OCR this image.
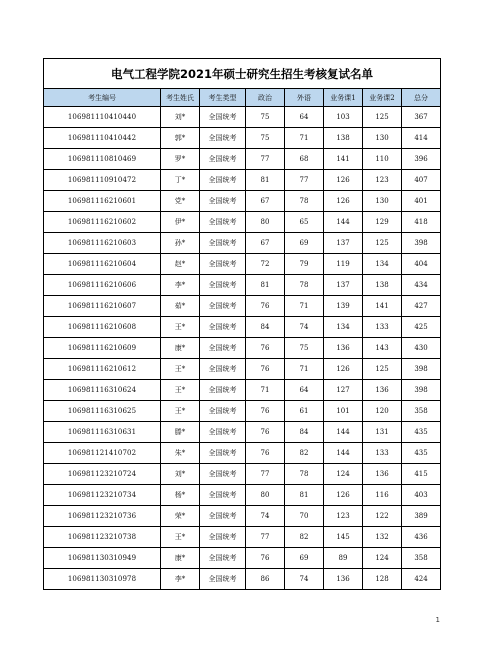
电气工程学院2021年硕士研究生招生考核复试名单							
考生编号	考生姓氏	考生类型	政治	外语	业务课1	业务课2	总分
106981110410440	刘*	全国统考	75	64	103	125	367
106981110410442	郭*	全国统考	75	71	138	130	414
106981110810469	罗*	全国统考	77	68	141	110	396
106981110910472	丁*	全国统考	81	77	126	123	407
106981116210601	党*	全国统考	67	78	126	130	401
106981116210602	伊*	全国统考	80	65	144	129	418
106981116210603	孙*	全国统考	67	69	137	125	398
106981116210604	赵*	全国统考	72	79	119	134	404
106981116210606	李*	全国统考	81	78	137	138	434
106981116210607	茹*	全国统考	76	71	139	141	427
106981116210608	王*	全国统考	84	74	134	133	425
106981116210609	康*	全国统考	76	75	136	143	430
106981116210612	王*	全国统考	76	71	126	125	398
106981116310624	王*	全国统考	71	64	127	136	398
106981116310625	王*	全国统考	76	61	101	120	358
106981116310631	滕*	全国统考	76	84	144	131	435
106981121410702	朱*	全国统考	76	82	144	133	435
106981123210724	刘*	全国统考	77	78	124	136	415
106981123210734	杨*	全国统考	80	81	126	116	403
106981123210736	荣*	全国统考	74	70	123	122	389
106981123210738	王*	全国统考	77	82	145	132	436
106981130310949	康*	全国统考	76	69	89	124	358
106981130310978	李*	全国统考	86	74	136	128	424
1
